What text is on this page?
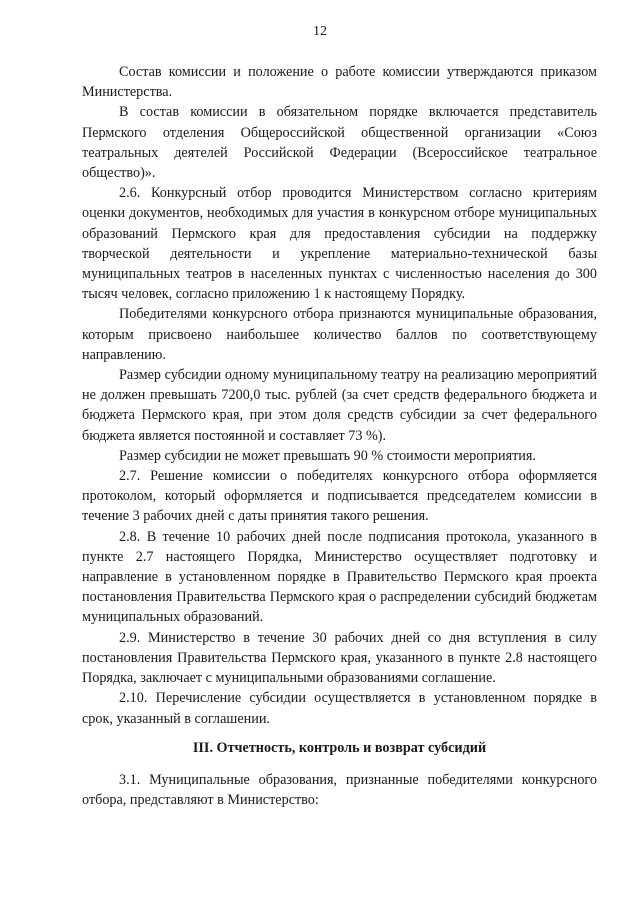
12

Состав комиссии и положение о работе комиссии утверждаются приказом Министерства.

В состав комиссии в обязательном порядке включается представитель Пермского отделения Общероссийской общественной организации «Союз театральных деятелей Российской Федерации (Всероссийское театральное общество)».

2.6. Конкурсный отбор проводится Министерством согласно критериям оценки документов, необходимых для участия в конкурсном отборе муниципальных образований Пермского края для предоставления субсидии на поддержку творческой деятельности и укрепление материально-технической базы муниципальных театров в населенных пунктах с численностью населения до 300 тысяч человек, согласно приложению 1 к настоящему Порядку.

Победителями конкурсного отбора признаются муниципальные образования, которым присвоено наибольшее количество баллов по соответствующему направлению.

Размер субсидии одному муниципальному театру на реализацию мероприятий не должен превышать 7200,0 тыс. рублей (за счет средств федерального бюджета и бюджета Пермского края, при этом доля средств субсидии за счет федерального бюджета является постоянной и составляет 73 %).

Размер субсидии не может превышать 90 % стоимости мероприятия.

2.7. Решение комиссии о победителях конкурсного отбора оформляется протоколом, который оформляется и подписывается председателем комиссии в течение 3 рабочих дней с даты принятия такого решения.

2.8. В течение 10 рабочих дней после подписания протокола, указанного в пункте 2.7 настоящего Порядка, Министерство осуществляет подготовку и направление в установленном порядке в Правительство Пермского края проекта постановления Правительства Пермского края о распределении субсидий бюджетам муниципальных образований.

2.9. Министерство в течение 30 рабочих дней со дня вступления в силу постановления Правительства Пермского края, указанного в пункте 2.8 настоящего Порядка, заключает с муниципальными образованиями соглашение.

2.10. Перечисление субсидии осуществляется в установленном порядке в срок, указанный в соглашении.

III. Отчетность, контроль и возврат субсидий

3.1. Муниципальные образования, признанные победителями конкурсного отбора, представляют в Министерство:
